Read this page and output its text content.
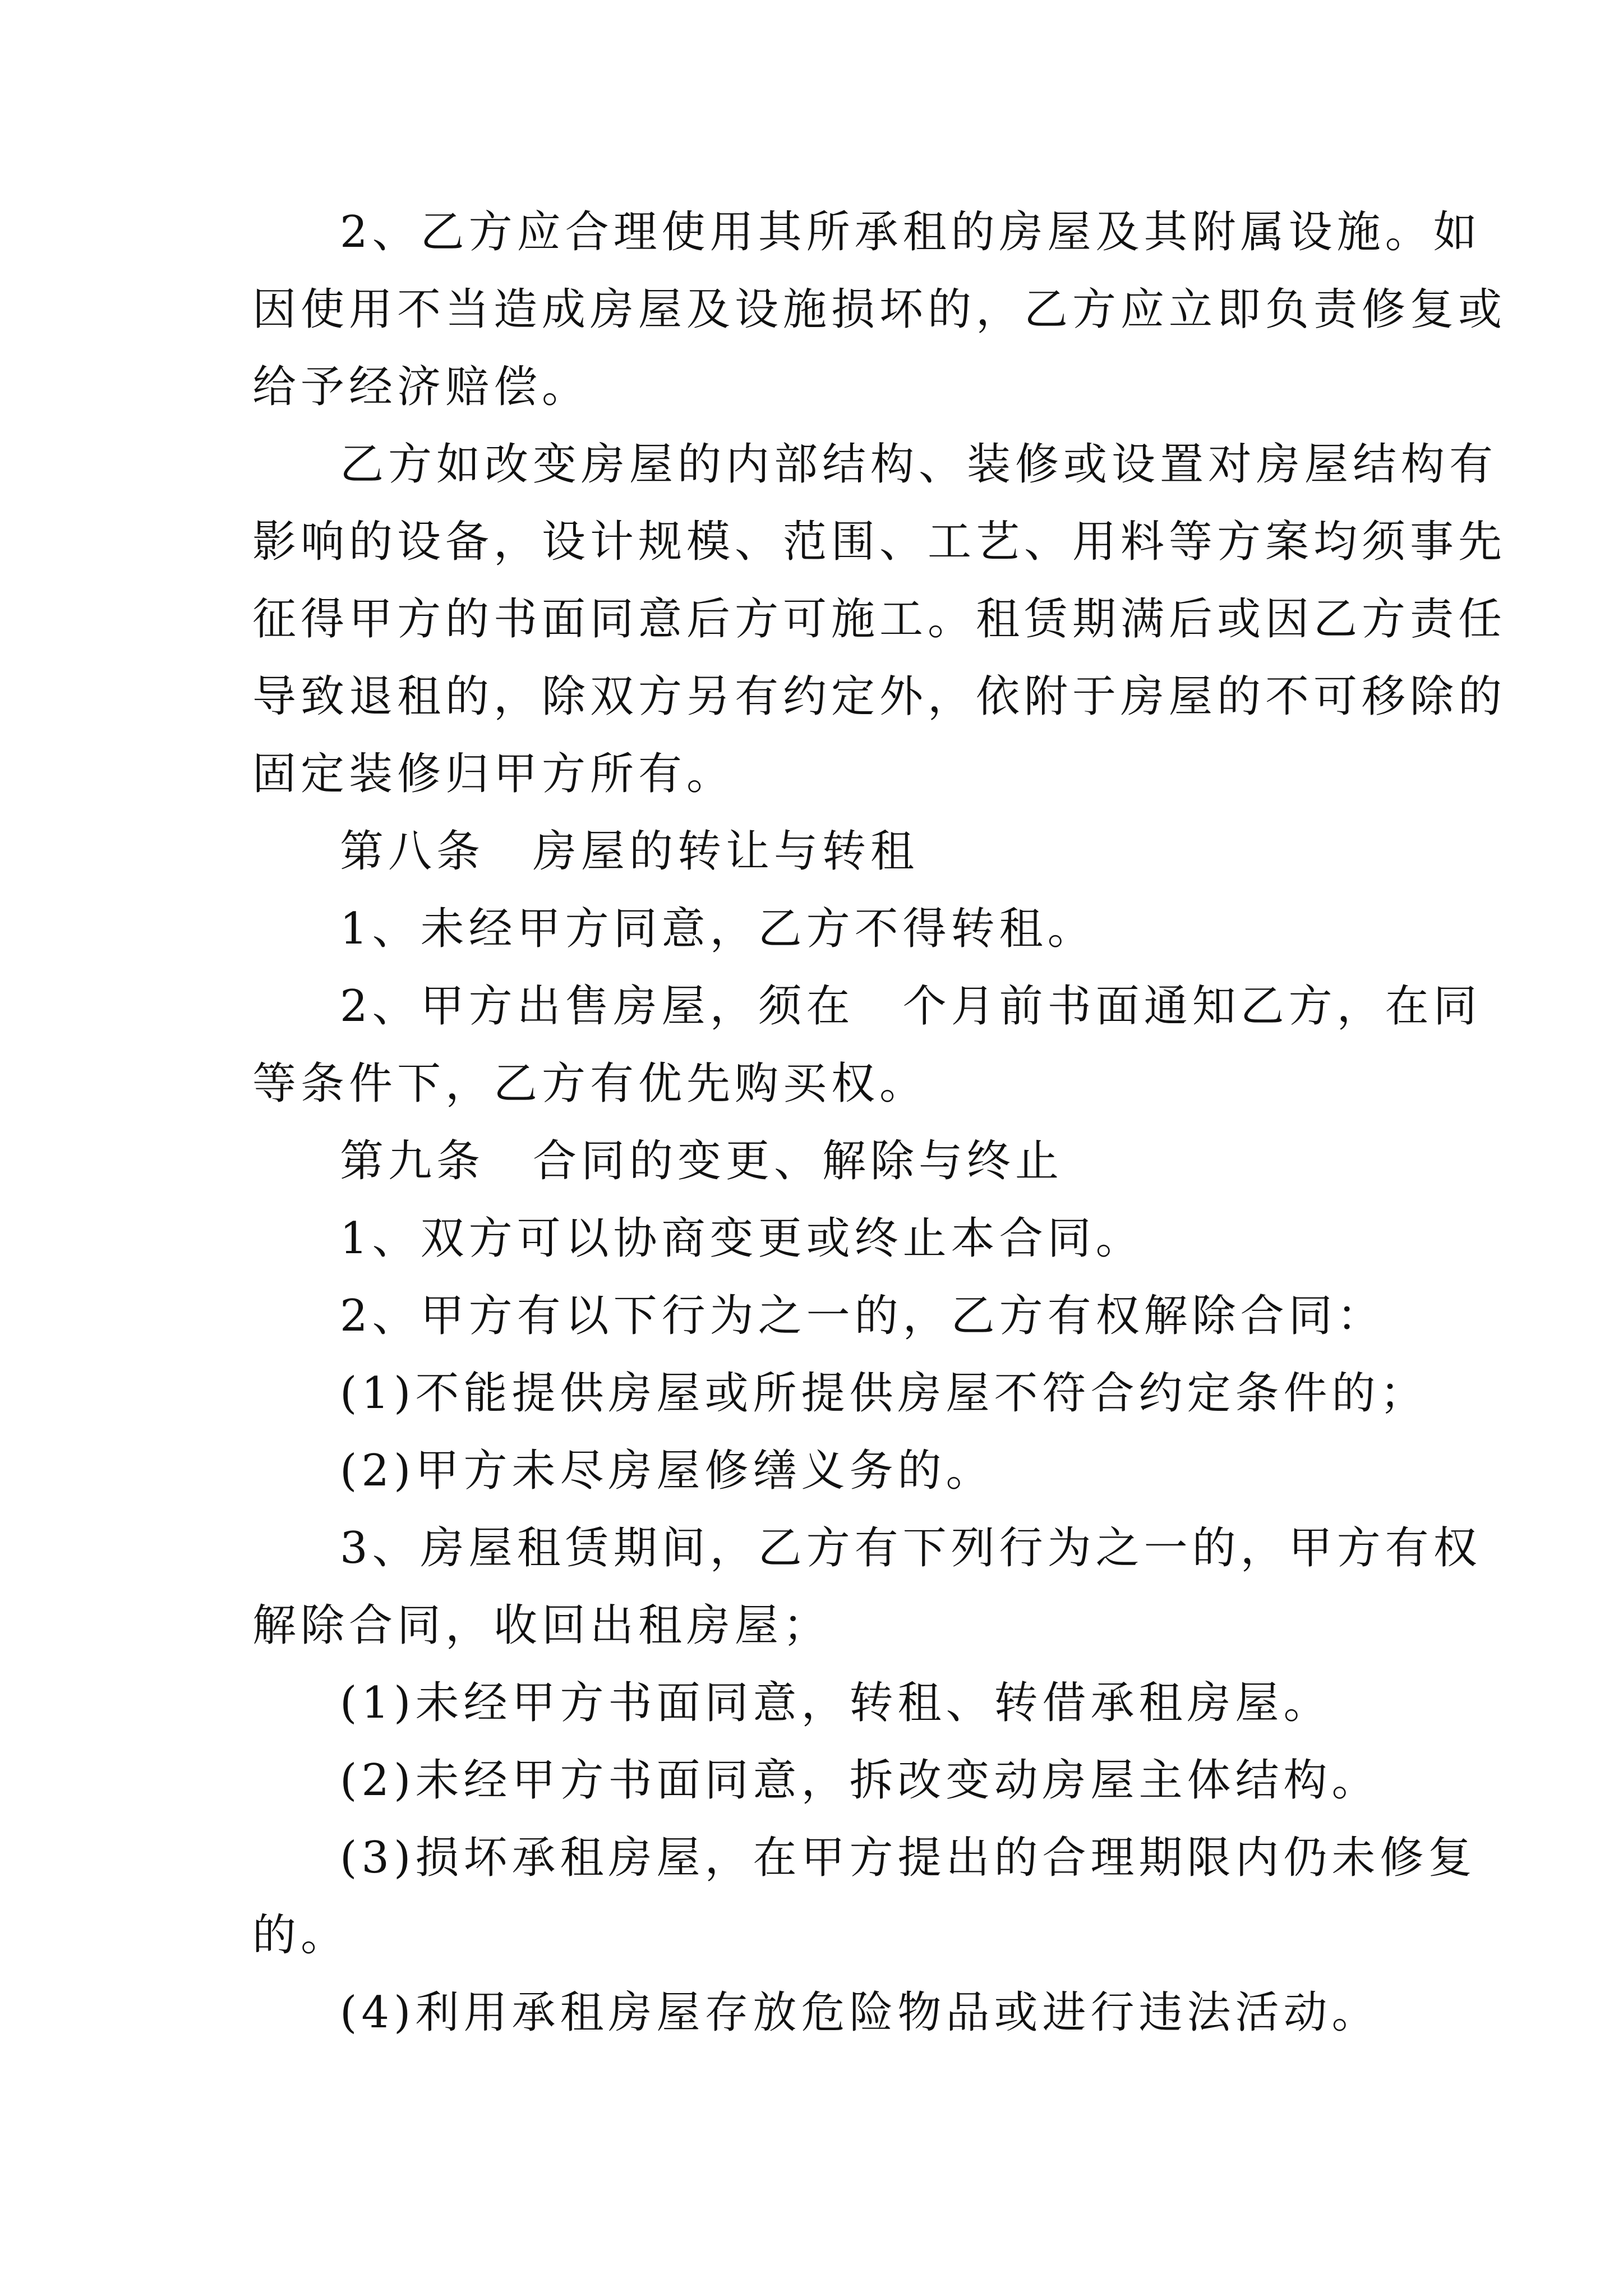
2、乙方应合理使用其所承租的房屋及其附属设施。如
因使用不当造成房屋及设施损坏的，乙方应立即负责修复或
给予经济赔偿。
乙方如改变房屋的内部结构、装修或设置对房屋结构有
影响的设备，设计规模、范围、工艺、用料等方案均须事先
征得甲方的书面同意后方可施工。租赁期满后或因乙方责任
导致退租的，除双方另有约定外，依附于房屋的不可移除的
固定装修归甲方所有。
第八条　房屋的转让与转租
1、未经甲方同意，乙方不得转租。
2、甲方出售房屋，须在　个月前书面通知乙方，在同
等条件下，乙方有优先购买权。
第九条　合同的变更、解除与终止
1、双方可以协商变更或终止本合同。
2、甲方有以下行为之一的，乙方有权解除合同：
(1)不能提供房屋或所提供房屋不符合约定条件的；
(2)甲方未尽房屋修缮义务的。
3、房屋租赁期间，乙方有下列行为之一的，甲方有权
解除合同，收回出租房屋；
(1)未经甲方书面同意，转租、转借承租房屋。
(2)未经甲方书面同意，拆改变动房屋主体结构。
(3)损坏承租房屋，在甲方提出的合理期限内仍未修复
的。
(4)利用承租房屋存放危险物品或进行违法活动。
